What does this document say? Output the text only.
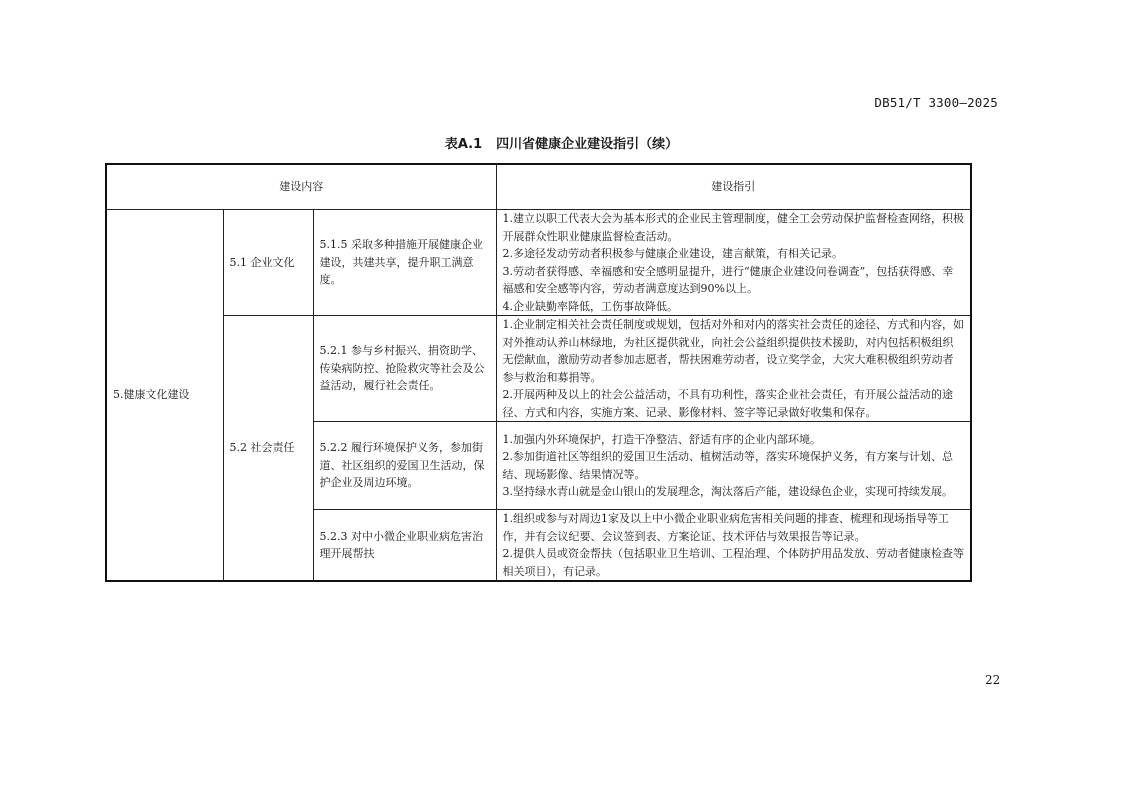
DB51/T 3300—2025
表A.1 四川省健康企业建设指引（续）
建设内容			建设指引
5.健康文化建设	5.1 企业文化	5.1.5 采取多种措施开展健康企业建设，共建共享，提升职工满意度。	1.建立以职工代表大会为基本形式的企业民主管理制度，健全工会劳动保护监督检查网络，积极开展群众性职业健康监督检查活动。
2.多途径发动劳动者积极参与健康企业建设，建言献策，有相关记录。
3.劳动者获得感、幸福感和安全感明显提升，进行“健康企业建设问卷调查”，包括获得感、幸福感和安全感等内容，劳动者满意度达到90%以上。
4.企业缺勤率降低，工伤事故降低。

	5.2 社会责任	5.2.1 参与乡村振兴、捐资助学、传染病防控、抢险救灾等社会及公益活动，履行社会责任。	1.企业制定相关社会责任制度或规划，包括对外和对内的落实社会责任的途径、方式和内容，如对外推动认养山林绿地，为社区提供就业，向社会公益组织提供技术援助，对内包括积极组织无偿献血，激励劳动者参加志愿者，帮扶困难劳动者，设立奖学金，大灾大难积极组织劳动者参与救治和募捐等。
2.开展两种及以上的社会公益活动，不具有功利性，落实企业社会责任，有开展公益活动的途径、方式和内容，实施方案、记录、影像材料、签字等记录做好收集和保存。

		5.2.2 履行环境保护义务，参加街道、社区组织的爱国卫生活动，保护企业及周边环境。	1.加强内外环境保护，打造干净整洁、舒适有序的企业内部环境。
2.参加街道社区等组织的爱国卫生活动、植树活动等，落实环境保护义务，有方案与计划、总结、现场影像、结果情况等。
3.坚持绿水青山就是金山银山的发展理念，淘汰落后产能，建设绿色企业，实现可持续发展。

		5.2.3 对中小微企业职业病危害治理开展帮扶	1.组织或参与对周边1家及以上中小微企业职业病危害相关问题的排查、梳理和现场指导等工作，并有会议纪要、会议签到表、方案论证、技术评估与效果报告等记录。
2.提供人员或资金帮扶（包括职业卫生培训、工程治理、个体防护用品发放、劳动者健康检查等相关项目），有记录。
22
